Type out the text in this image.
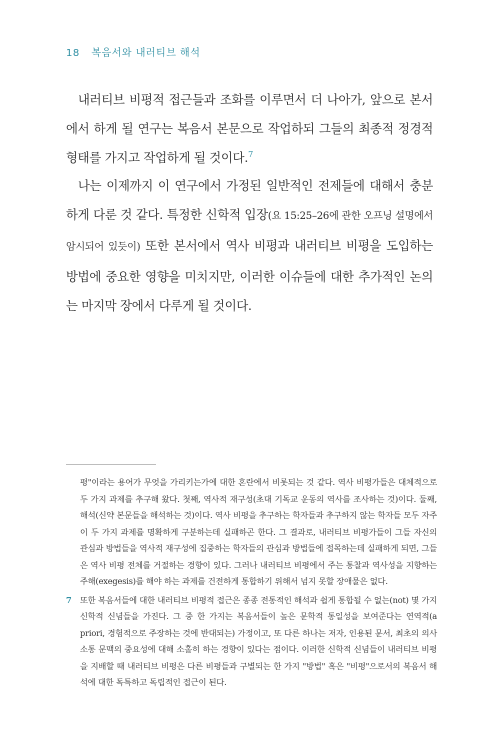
18 복음서와 내러티브 해석

내러티브 비평적 접근들과 조화를 이루면서 더 나아가, 앞으로 본서에서 하게 될 연구는 복음서 본문으로 작업하되 그들의 최종적 정경적 형태를 가지고 작업하게 될 것이다.$^7$

나는 이제까지 이 연구에서 가정된 일반적인 전제들에 대해서 충분하게 다룬 것 같다. 특정한 신학적 입장(요 15:25–26에 관한 오프닝 설명에서 암시되어 있듯이) 또한 본서에서 역사 비평과 내러티브 비평을 도입하는 방법에 중요한 영향을 미치지만, 이러한 이슈들에 대한 추가적인 논의는 마지막 장에서 다루게 될 것이다.

평"이라는 용어가 무엇을 가리키는가에 대한 혼란에서 비롯되는 것 같다. 역사 비평가들은 대체적으로 두 가지 과제를 추구해 왔다. 첫째, 역사적 재구성(초대 기독교 운동의 역사를 조사하는 것)이다. 둘째, 해석(신약 본문들을 해석하는 것)이다. 역사 비평을 추구하는 학자들과 추구하지 않는 학자들 모두 자주 이 두 가지 과제를 명확하게 구분하는데 실패하곤 한다. 그 결과로, 내러티브 비평가들이 그들 자신의 관심과 방법들을 역사적 재구성에 집중하는 학자들의 관심과 방법들에 접목하는데 실패하게 되면, 그들은 역사 비평 전체를 거절하는 경향이 있다. 그러나 내러티브 비평에서 주는 통찰과 역사성을 지향하는 주해(exegesis)를 해야 하는 과제를 건전하게 통합하기 위해서 넘지 못할 장애물은 없다.

7 또한 복음서들에 대한 내러티브 비평적 접근은 종종 전통적인 해석과 쉽게 통합될 수 없는(not) 몇 가지 신학적 신념들을 가진다. 그 중 한 가지는 복음서들이 높은 문학적 통일성을 보여준다는 연역적(a priori, 경험적으로 주장하는 것에 반대되는) 가정이고, 또 다른 하나는 저자, 인용된 문서, 최초의 의사소통 문맥의 중요성에 대해 소홀히 하는 경향이 있다는 점이다. 이러한 신학적 신념들이 내러티브 비평을 지배할 때 내러티브 비평은 다른 비평들과 구별되는 한 가지 "방법" 혹은 "비평"으로서의 복음서 해석에 대한 독특하고 독립적인 접근이 된다.
